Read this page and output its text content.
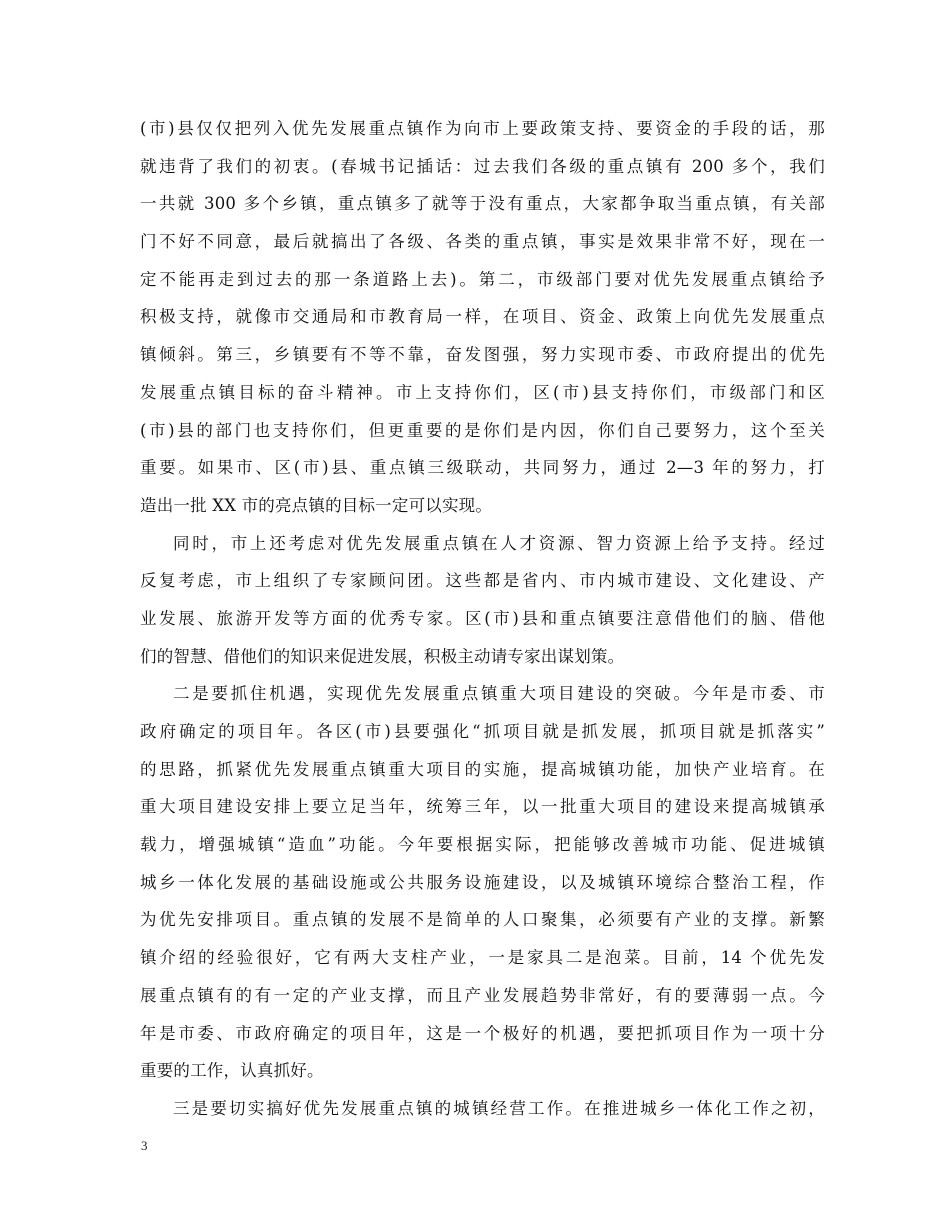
(市)县仅仅把列入优先发展重点镇作为向市上要政策支持、要资金的手段的话，那
就违背了我们的初衷。(春城书记插话：过去我们各级的重点镇有 200 多个，我们
一共就 300 多个乡镇，重点镇多了就等于没有重点，大家都争取当重点镇，有关部
门不好不同意，最后就搞出了各级、各类的重点镇，事实是效果非常不好，现在一
定不能再走到过去的那一条道路上去)。第二，市级部门要对优先发展重点镇给予
积极支持，就像市交通局和市教育局一样，在项目、资金、政策上向优先发展重点
镇倾斜。第三，乡镇要有不等不靠，奋发图强，努力实现市委、市政府提出的优先
发展重点镇目标的奋斗精神。市上支持你们，区(市)县支持你们，市级部门和区
(市)县的部门也支持你们，但更重要的是你们是内因，你们自己要努力，这个至关
重要。如果市、区(市)县、重点镇三级联动，共同努力，通过 2—3 年的努力，打
造出一批 XX 市的亮点镇的目标一定可以实现。
同时，市上还考虑对优先发展重点镇在人才资源、智力资源上给予支持。经过
反复考虑，市上组织了专家顾问团。这些都是省内、市内城市建设、文化建设、产
业发展、旅游开发等方面的优秀专家。区(市)县和重点镇要注意借他们的脑、借他
们的智慧、借他们的知识来促进发展，积极主动请专家出谋划策。
二是要抓住机遇，实现优先发展重点镇重大项目建设的突破。今年是市委、市
政府确定的项目年。各区(市)县要强化“抓项目就是抓发展，抓项目就是抓落实”
的思路，抓紧优先发展重点镇重大项目的实施，提高城镇功能，加快产业培育。在
重大项目建设安排上要立足当年，统筹三年，以一批重大项目的建设来提高城镇承
载力，增强城镇“造血”功能。今年要根据实际，把能够改善城市功能、促进城镇
城乡一体化发展的基础设施或公共服务设施建设，以及城镇环境综合整治工程，作
为优先安排项目。重点镇的发展不是简单的人口聚集，必须要有产业的支撑。新繁
镇介绍的经验很好，它有两大支柱产业，一是家具二是泡菜。目前，14 个优先发
展重点镇有的有一定的产业支撑，而且产业发展趋势非常好，有的要薄弱一点。今
年是市委、市政府确定的项目年，这是一个极好的机遇，要把抓项目作为一项十分
重要的工作，认真抓好。
三是要切实搞好优先发展重点镇的城镇经营工作。在推进城乡一体化工作之初，
3
